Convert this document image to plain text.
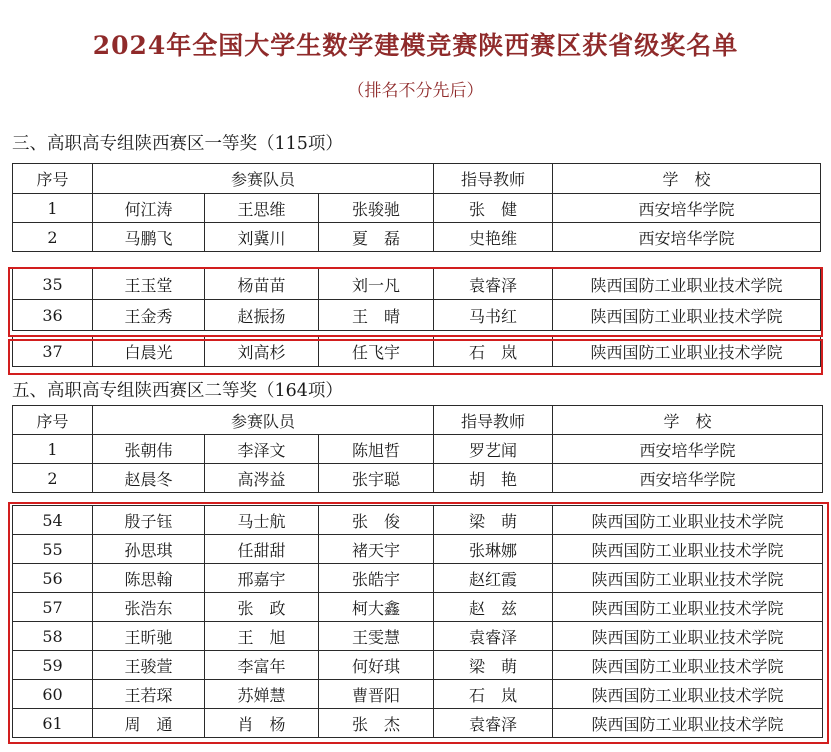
2024年全国大学生数学建模竞赛陕西赛区获省级奖名单
（排名不分先后）
三、高职高专组陕西赛区一等奖（115项）
序号	参赛队员			指导教师	学　校
1	何江涛	王思维	张骏驰	张　健	西安培华学院
2	马鹏飞	刘冀川	夏　磊	史艳维	西安培华学院

35	王玉堂	杨苗苗	刘一凡	袁睿泽	陕西国防工业职业技术学院
36	王金秀	赵振扬	王　晴	马书红	陕西国防工业职业技术学院

37	白晨光	刘高杉	任飞宇	石　岚	陕西国防工业职业技术学院
五、高职高专组陕西赛区二等奖（164项）
序号	参赛队员			指导教师	学　校
1	张朝伟	李泽文	陈旭哲	罗艺闻	西安培华学院
2	赵晨冬	高涔益	张宇聪	胡　艳	西安培华学院

54	殷子钰	马士航	张　俊	梁　萌	陕西国防工业职业技术学院
55	孙思琪	任甜甜	褚天宇	张琳娜	陕西国防工业职业技术学院
56	陈思翰	邢嘉宇	张皓宇	赵红霞	陕西国防工业职业技术学院
57	张浩东	张　政	柯大鑫	赵　兹	陕西国防工业职业技术学院
58	王昕驰	王　旭	王雯慧	袁睿泽	陕西国防工业职业技术学院
59	王骏萱	李富年	何好琪	梁　萌	陕西国防工业职业技术学院
60	王若琛	苏婵慧	曹晋阳	石　岚	陕西国防工业职业技术学院
61	周　通	肖　杨	张　杰	袁睿泽	陕西国防工业职业技术学院
